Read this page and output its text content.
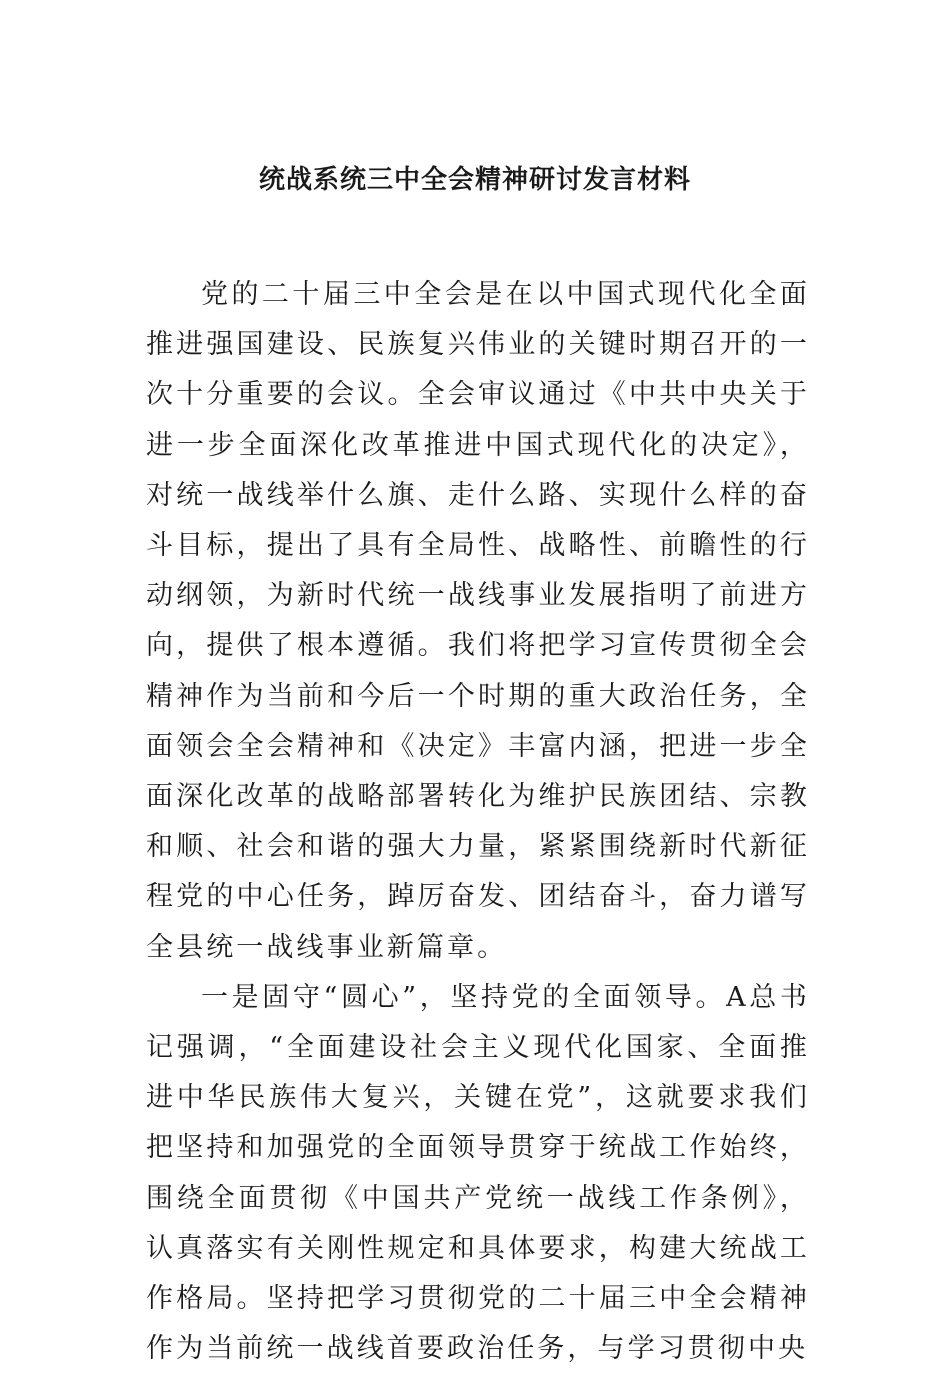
统战系统三中全会精神研讨发言材料

党的二十届三中全会是在以中国式现代化全面推进强国建设、民族复兴伟业的关键时期召开的一次十分重要的会议。全会审议通过《中共中央关于进一步全面深化改革推进中国式现代化的决定》，对统一战线举什么旗、走什么路、实现什么样的奋斗目标，提出了具有全局性、战略性、前瞻性的行动纲领，为新时代统一战线事业发展指明了前进方向，提供了根本遵循。我们将把学习宣传贯彻全会精神作为当前和今后一个时期的重大政治任务，全面领会全会精神和《决定》丰富内涵，把进一步全面深化改革的战略部署转化为维护民族团结、宗教和顺、社会和谐的强大力量，紧紧围绕新时代新征程党的中心任务，踔厉奋发、团结奋斗，奋力谱写全县统一战线事业新篇章。

一是固守“圆心”，坚持党的全面领导。A总书记强调，“全面建设社会主义现代化国家、全面推进中华民族伟大复兴，关键在党”，这就要求我们把坚持和加强党的全面领导贯穿于统战工作始终，围绕全面贯彻《中国共产党统一战线工作条例》，认真落实有关刚性规定和具体要求，构建大统战工作格局。坚持把学习贯彻党的二十届三中全会精神作为当前统一战线首要政治任务，与学习贯彻中央
